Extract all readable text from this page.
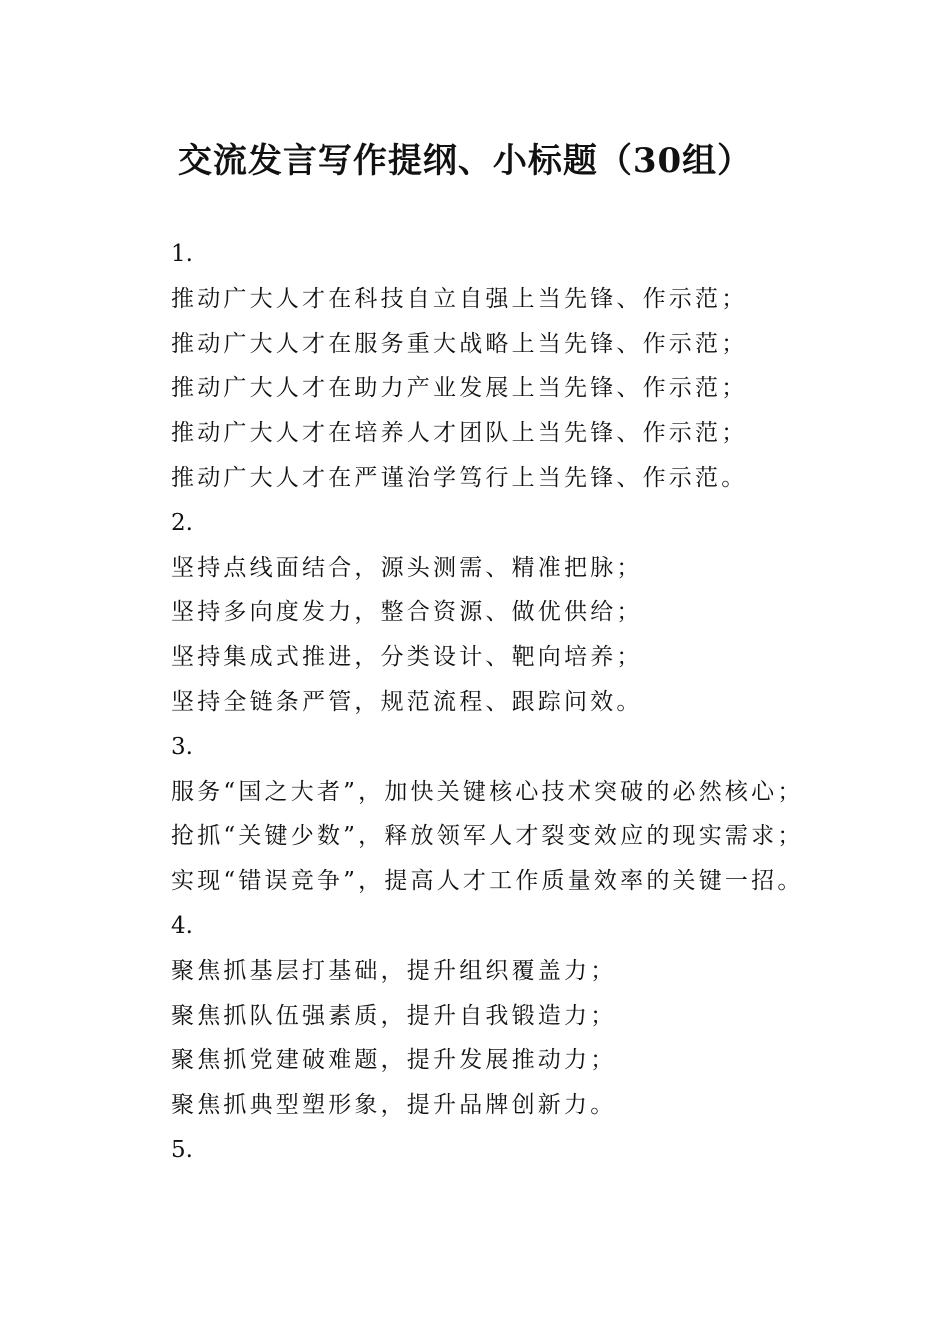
交流发言写作提纲、小标题（30组）
1.
推动广大人才在科技自立自强上当先锋、作示范；
推动广大人才在服务重大战略上当先锋、作示范；
推动广大人才在助力产业发展上当先锋、作示范；
推动广大人才在培养人才团队上当先锋、作示范；
推动广大人才在严谨治学笃行上当先锋、作示范。
2.
坚持点线面结合，源头测需、精准把脉；
坚持多向度发力，整合资源、做优供给；
坚持集成式推进，分类设计、靶向培养；
坚持全链条严管，规范流程、跟踪问效。
3.
服务“国之大者”，加快关键核心技术突破的必然核心；
抢抓“关键少数”，释放领军人才裂变效应的现实需求；
实现“错误竞争”，提高人才工作质量效率的关键一招。
4.
聚焦抓基层打基础，提升组织覆盖力；
聚焦抓队伍强素质，提升自我锻造力；
聚焦抓党建破难题，提升发展推动力；
聚焦抓典型塑形象，提升品牌创新力。
5.
